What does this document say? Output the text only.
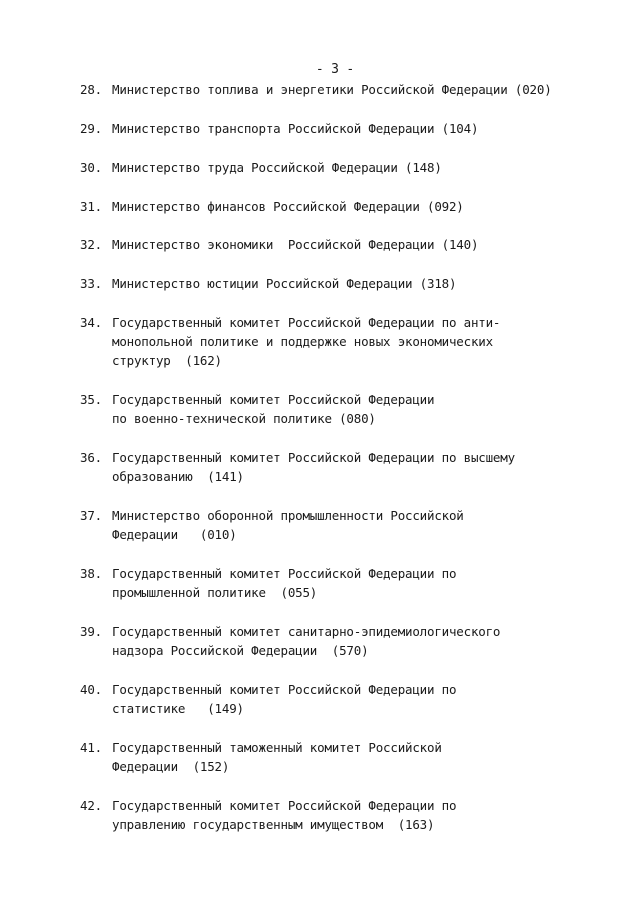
- 3 -
28. Министерство топлива и энергетики Российской Федерации (020)
29. Министерство транспорта Российской Федерации (104)
30. Министерство труда Российской Федерации (148)
31. Министерство финансов Российской Федерации (092)
32. Министерство экономики  Российской Федерации (140)
33. Министерство юстиции Российской Федерации (318)
34. Государственный комитет Российской Федерации по анти-
монопольной политике и поддержке новых экономических
структур  (162)
35. Государственный комитет Российской Федерации
по военно-технической политике (080)
36. Государственный комитет Российской Федерации по высшему
образованию  (141)
37. Министерство оборонной промышленности Российской
Федерации   (010)
38. Государственный комитет Российской Федерации по
промышленной политике  (055)
39. Государственный комитет санитарно-эпидемиологического
надзора Российской Федерации  (570)
40. Государственный комитет Российской Федерации по
статистике   (149)
41. Государственный таможенный комитет Российской
Федерации  (152)
42. Государственный комитет Российской Федерации по
управлению государственным имуществом  (163)
